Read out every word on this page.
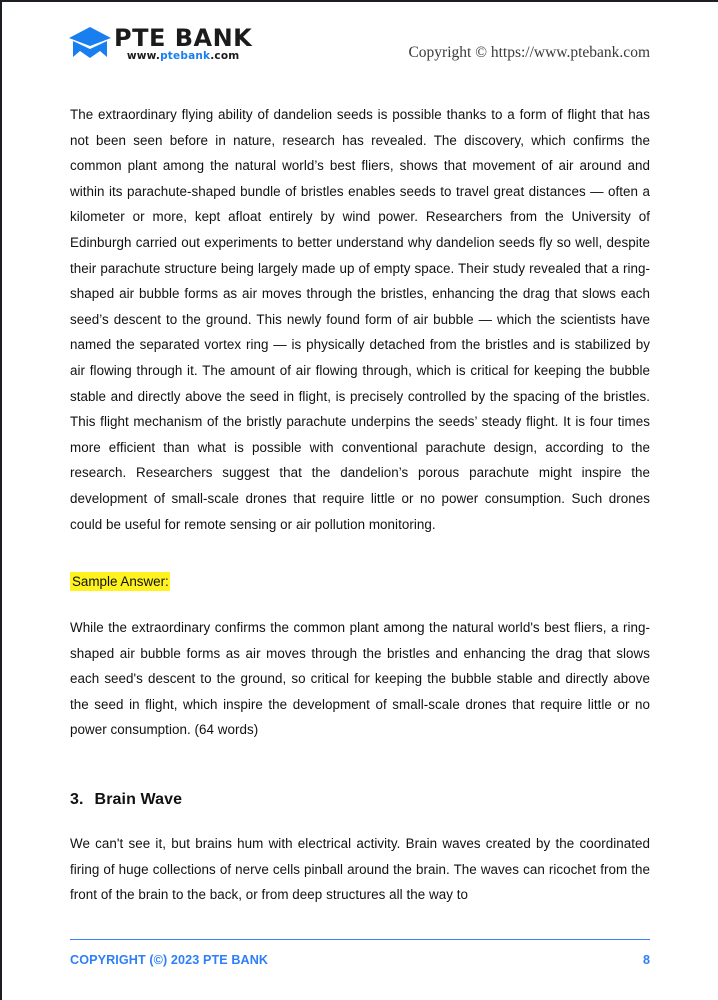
PTE BANK
www.ptebank.com	Copyright © https://www.ptebank.com

The extraordinary flying ability of dandelion seeds is possible thanks to a form of flight that has not been seen before in nature, research has revealed. The discovery, which confirms the common plant among the natural world’s best fliers, shows that movement of air around and within its parachute-shaped bundle of bristles enables seeds to travel great distances — often a kilometer or more, kept afloat entirely by wind power. Researchers from the University of Edinburgh carried out experiments to better understand why dandelion seeds fly so well, despite their parachute structure being largely made up of empty space. Their study revealed that a ring-shaped air bubble forms as air moves through the bristles, enhancing the drag that slows each seed’s descent to the ground. This newly found form of air bubble — which the scientists have named the separated vortex ring — is physically detached from the bristles and is stabilized by air flowing through it. The amount of air flowing through, which is critical for keeping the bubble stable and directly above the seed in flight, is precisely controlled by the spacing of the bristles. This flight mechanism of the bristly parachute underpins the seeds’ steady flight. It is four times more efficient than what is possible with conventional parachute design, according to the research. Researchers suggest that the dandelion’s porous parachute might inspire the development of small-scale drones that require little or no power consumption. Such drones could be useful for remote sensing or air pollution monitoring.

Sample Answer:

While the extraordinary confirms the common plant among the natural world's best fliers, a ring-shaped air bubble forms as air moves through the bristles and enhancing the drag that slows each seed's descent to the ground, so critical for keeping the bubble stable and directly above the seed in flight, which inspire the development of small-scale drones that require little or no power consumption. (64 words)

3. Brain Wave

We can't see it, but brains hum with electrical activity. Brain waves created by the coordinated firing of huge collections of nerve cells pinball around the brain. The waves can ricochet from the front of the brain to the back, or from deep structures all the way to

COPYRIGHT (©) 2023 PTE BANK	8
